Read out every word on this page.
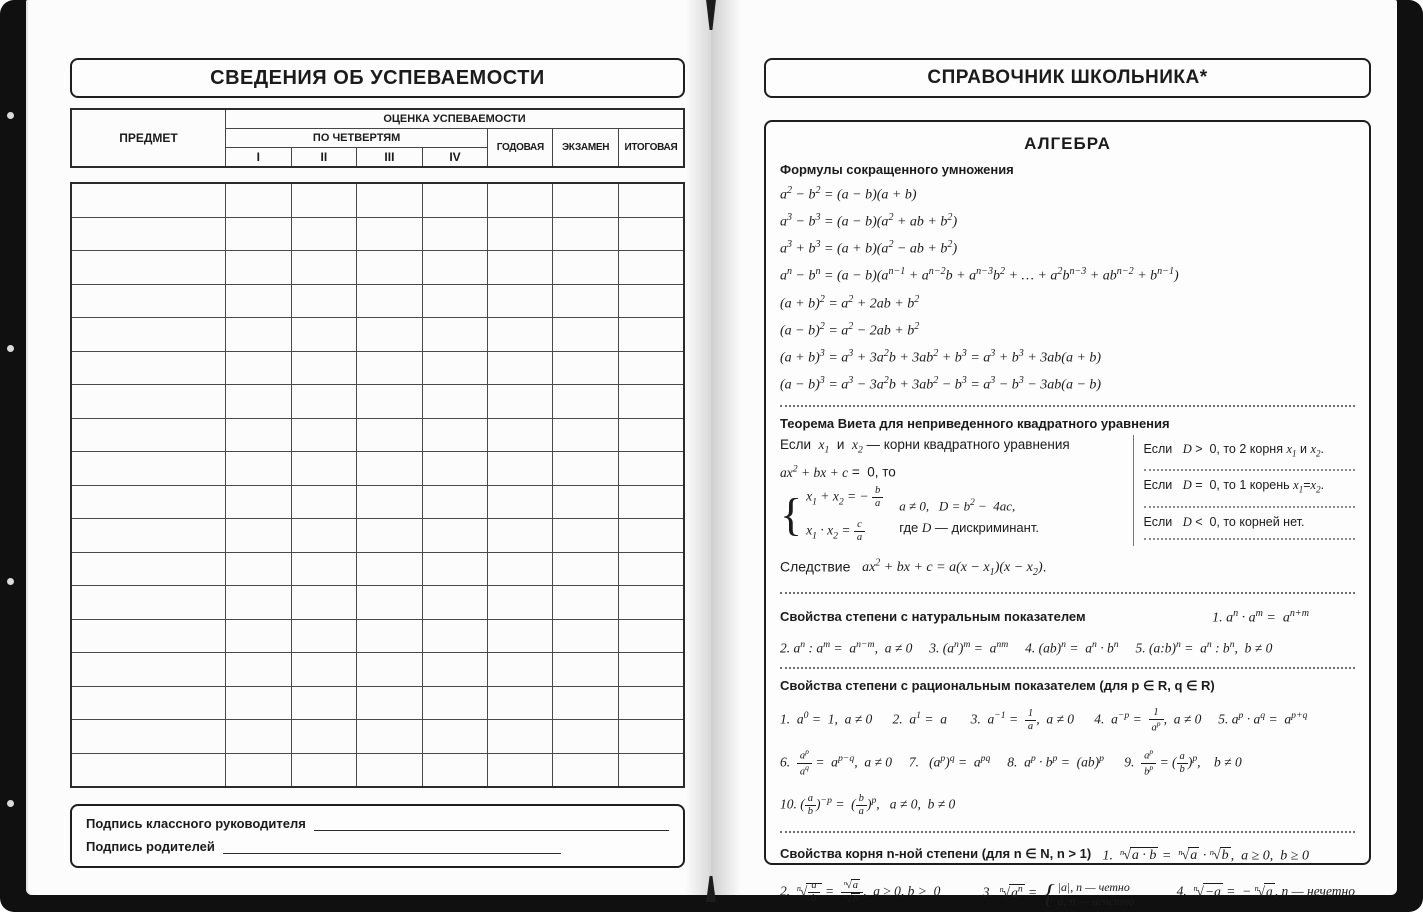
СВЕДЕНИЯ ОБ УСПЕВАЕМОСТИ
ПРЕДМЕТ	ОЦЕНКА УСПЕВАЕМОСТИ						
	ПО ЧЕТВЕРТЯМ				ГОДОВАЯ	ЭКЗАМЕН	ИТОГОВАЯ
	I	II	III	IV			

Подпись классного руководителя
Подпись родителей
СПРАВОЧНИК ШКОЛЬНИКА*
АЛГЕБРА
Формулы сокращенного умножения
$a^2 - b^2 = (a - b)(a + b)$
$a^3 - b^3 = (a - b)(a^2$ + ab + $b^2$)
$a^3 + b^3 = (a + b)(a^2$ − ab + $b^2$)
$a^n - b^n = (a - b)(a^{n-1} + a^{n-2}b + a^{n-3}b^2$ + … + $a^2b^{n-3} + ab^{n-2} + b^{n-1}$)
$(a + b)^2 = a^2 + 2ab + b^2$
$(a - b)^2 = a^2 - 2ab + b^2$
$(a + b)^3 = a^3 + 3a^2b + 3ab^2 + b^3 = a^3 + b^3 + 3ab(a + b)$
$(a - b)^3 = a^3 - 3a^2b + 3ab^2 - b^3 = a^3 - b^3 - 3ab(a - b)$
Теорема Виета для неприведенного квадратного уравнения
Если  $x_1$  и  $x_2$ — корни квадратного уравнения
$ax^2$ + bx + c =  0, то
{ $x_1 + x_2$ = − $\frac{b}{a}$
$x_1 \cdot x_2 = \frac{c}{a}$
a ≠ 0,   $D = b^2 - 4ac$,
где D — дискриминант.
Если   D >  0, то 2 корня $x_1$ и $x_2$.
Если   D =  0, то 1 корень $x_1=x_2$.
Если   D <  0, то корней нет.
Следствие   $ax^2$ + bx + $c = a(x - x_1)(x - x_2)$.
Свойства степени с натуральным показателем	1. $a^n \cdot a^m = a^{n+m}$
2. $a^n$ : $a^m = a^{n-m}$,  a ≠ 0     3. $(a^n)^m = a^{nm}$     4. $(ab)^n = a^n \cdot b^n$     5. (a:b)$^n$ =  $a^n$ : $b^n$,  b ≠ 0
Свойства степени с рациональным показателем (для p ∈ R, q ∈ R)
1.  $a^0 = 1$,  a ≠ 0      2.  $a^1 = a$       3.  $a^{-1} = \frac{1}{a}$ ,  a ≠ 0      4.  $a^{-p} = \frac{1}{a^p}$ ,  a ≠ 0     5. $a^p \cdot a^q = a^{p+q}$
6. $\frac{a^p}{a^q} = a^{p-q}$,  a ≠ 0     7.   $(a^p)^q = a^{pq}$     8.  $a^p \cdot b^p = (ab)^p$      9. $\frac{a^p}{b^p}$ = ( $\frac{a}{b} )^p$,    b ≠ 0
10. ( $\frac{a}{b} )^{-p}$ =  ( $\frac{b}{a} )^p$,   a ≠ 0,  b ≠ 0
Свойства корня n-ной степени (для n ∈ N, n > 1) 1.  $^n$√a · b =  $^n$√a · $^n$√b ,  a ≥ 0,  b ≥ 0
2.  $^n√ \frac{a}{b} = \frac{^n√a}{^n√b}$ ,  a ≥ 0, b >  0	3.  $^n√a^n$ = { |a|, n — четно
a, n — нечетно
4.  $^n$√−a =  − $^n$√a , n — нечетно
